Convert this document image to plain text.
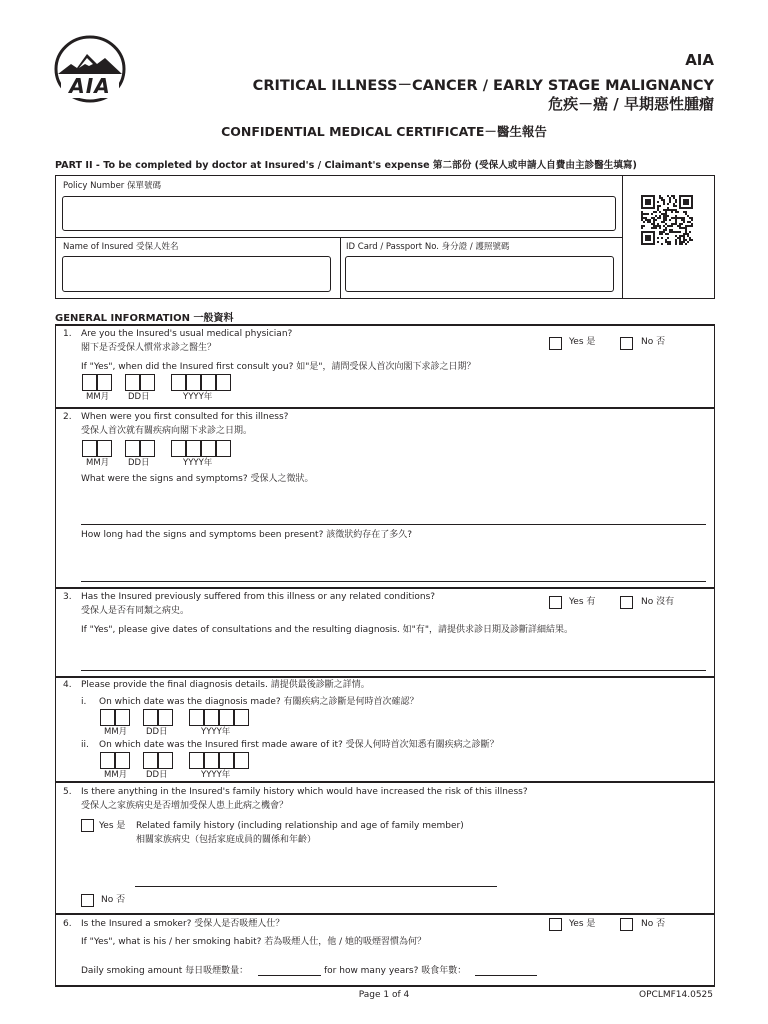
AIA
AIA
CRITICAL ILLNESS－CANCER / EARLY STAGE MALIGNANCY
危疾－癌 / 早期惡性腫瘤
CONFIDENTIAL MEDICAL CERTIFICATE－醫生報告
PART II - To be completed by doctor at Insured's / Claimant's expense 第二部份 (受保人或申請人自費由主診醫生填寫)
Policy Number 保單號碼
Name of Insured 受保人姓名	ID Card / Passport No. 身分證 / 護照號碼
GENERAL INFORMATION 一般資料
1. Are you the Insured's usual medical physician?
閣下是否受保人慣常求診之醫生？
Yes 是	No 否
If "Yes", when did the Insured first consult you? 如"是"，請問受保人首次向閣下求診之日期？
2. When were you first consulted for this illness?
受保人首次就有關疾病向閣下求診之日期。
What were the signs and symptoms? 受保人之徵狀。
How long had the signs and symptoms been present? 該徵狀約存在了多久?
3. Has the Insured previously suffered from this illness or any related conditions?
受保人是否有同類之病史。
Yes 有	No 沒有
If "Yes", please give dates of consultations and the resulting diagnosis. 如"有"，請提供求診日期及診斷詳細結果。
4. Please provide the final diagnosis details. 請提供最後診斷之詳情。
i. On which date was the diagnosis made? 有關疾病之診斷是何時首次確認？
ii. On which date was the Insured first made aware of it? 受保人何時首次知悉有關疾病之診斷？
5. Is there anything in the Insured's family history which would have increased the risk of this illness?
受保人之家族病史是否增加受保人患上此病之機會？
Yes 是 Related family history (including relationship and age of family member)
相關家族病史（包括家庭成員的關係和年齡）
No 否
6. Is the Insured a smoker? 受保人是否吸煙人仕？	Yes 是	No 否
If "Yes", what is his / her smoking habit? 若為吸煙人仕，他 / 她的吸煙習慣為何？
Daily smoking amount 每日吸煙數量：	for how many years? 吸食年數：
Page 1 of 4	OPCLMF14.0525
MM月 DD日	YYYY年
MM月 DD日	YYYY年
MM月 DD日	YYYY年
MM月 DD日	YYYY年
